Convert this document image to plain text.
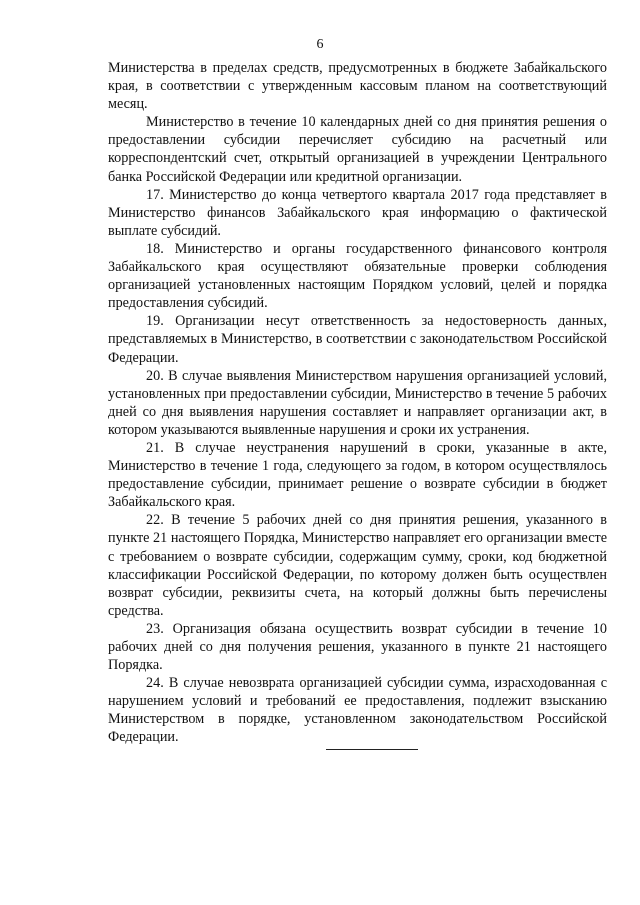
6

Министерства в пределах средств, предусмотренных в бюджете Забайкальского края, в соответствии с утвержденным кассовым планом на соответствующий месяц.

Министерство в течение 10 календарных дней со дня принятия решения о предоставлении субсидии перечисляет субсидию на расчетный или корреспондентский счет, открытый организацией в учреждении Центрального банка Российской Федерации или кредитной организации.

17. Министерство до конца четвертого квартала 2017 года представляет в Министерство финансов Забайкальского края информацию о фактической выплате субсидий.

18. Министерство и органы государственного финансового контроля Забайкальского края осуществляют обязательные проверки соблюдения организацией установленных настоящим Порядком условий, целей и порядка предоставления субсидий.

19. Организации несут ответственность за недостоверность данных, представляемых в Министерство, в соответствии с законодательством Российской Федерации.

20. В случае выявления Министерством нарушения организацией условий, установленных при предоставлении субсидии, Министерство в течение 5 рабочих дней со дня выявления нарушения составляет и направляет организации акт, в котором указываются выявленные нарушения и сроки их устранения.

21. В случае неустранения нарушений в сроки, указанные в акте, Министерство в течение 1 года, следующего за годом, в котором осуществлялось предоставление субсидии, принимает решение о возврате субсидии в бюджет Забайкальского края.

22. В течение 5 рабочих дней со дня принятия решения, указанного в пункте 21 настоящего Порядка, Министерство направляет его организации вместе с требованием о возврате субсидии, содержащим сумму, сроки, код бюджетной классификации Российской Федерации, по которому должен быть осуществлен возврат субсидии, реквизиты счета, на который должны быть перечислены средства.

23. Организация обязана осуществить возврат субсидии в течение 10 рабочих дней со дня получения решения, указанного в пункте 21 настоящего Порядка.

24. В случае невозврата организацией субсидии сумма, израсходованная с нарушением условий и требований ее предоставления, подлежит взысканию Министерством в порядке, установленном законодательством Российской Федерации.
